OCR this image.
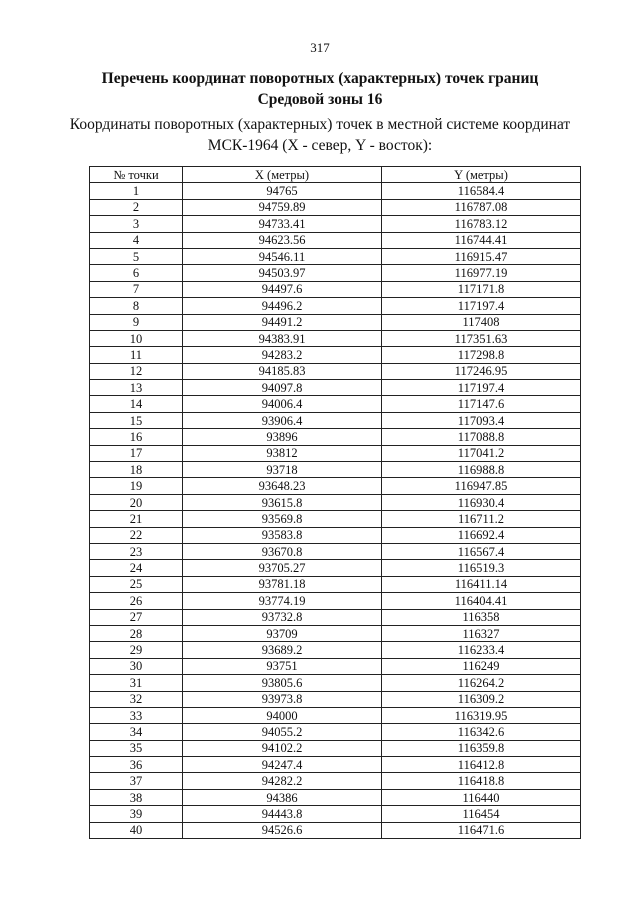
317
Перечень координат поворотных (характерных) точек границ
Средовой зоны 16
Координаты поворотных (характерных) точек в местной системе координат
МСК-1964 (X - север, Y - восток):
№ точки	X (метры)	Y (метры)
1	94765	116584.4
2	94759.89	116787.08
3	94733.41	116783.12
4	94623.56	116744.41
5	94546.11	116915.47
6	94503.97	116977.19
7	94497.6	117171.8
8	94496.2	117197.4
9	94491.2	117408
10	94383.91	117351.63
11	94283.2	117298.8
12	94185.83	117246.95
13	94097.8	117197.4
14	94006.4	117147.6
15	93906.4	117093.4
16	93896	117088.8
17	93812	117041.2
18	93718	116988.8
19	93648.23	116947.85
20	93615.8	116930.4
21	93569.8	116711.2
22	93583.8	116692.4
23	93670.8	116567.4
24	93705.27	116519.3
25	93781.18	116411.14
26	93774.19	116404.41
27	93732.8	116358
28	93709	116327
29	93689.2	116233.4
30	93751	116249
31	93805.6	116264.2
32	93973.8	116309.2
33	94000	116319.95
34	94055.2	116342.6
35	94102.2	116359.8
36	94247.4	116412.8
37	94282.2	116418.8
38	94386	116440
39	94443.8	116454
40	94526.6	116471.6
